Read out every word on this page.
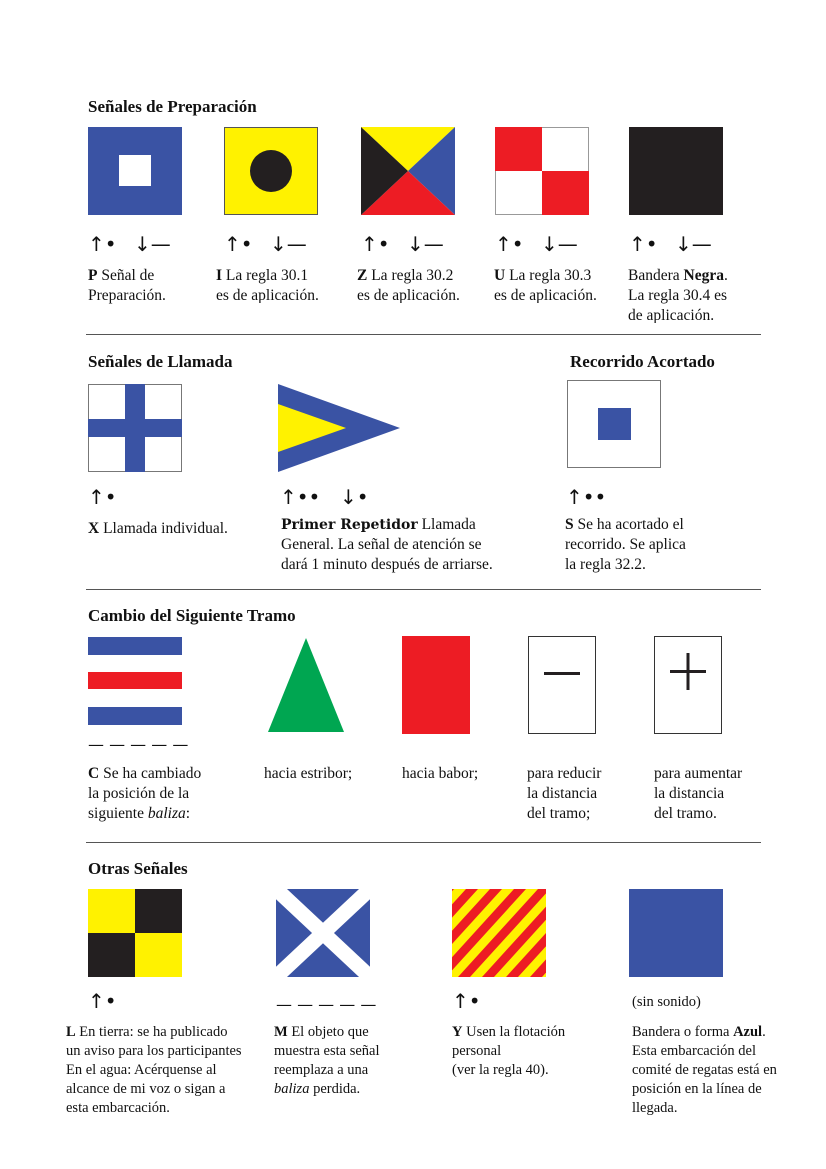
Señales de Preparación
↑• ↓—	↑• ↓—	↑• ↓—	↑• ↓—	↑• ↓—
P Señal de
Preparación.
I La regla 30.1
es de aplicación.
Z La regla 30.2
es de aplicación.
U La regla 30.3
es de aplicación.
Bandera Negra.
La regla 30.4 es
de aplicación.
Señales de Llamada	Recorrido Acortado
↑•	↑•• ↓•	↑••
X Llamada individual.	Primer Repetidor Llamada
General. La señal de atención se
dará 1 minuto después de arriarse.
S Se ha acortado el
recorrido. Se aplica
la regla 32.2.
Cambio del Siguiente Tramo
— — — — —
C Se ha cambiado
la posición de la
siguiente baliza:
hacia estribor;	hacia babor;	para reducir
la distancia
del tramo;
para aumentar
la distancia
del tramo.
Otras Señales
↑•	— — — — —	↑•	(sin sonido)
L En tierra: se ha publicado
un aviso para los participantes
En el agua: Acérquense al
alcance de mi voz o sigan a
esta embarcación.
M El objeto que
muestra esta señal
reemplaza a una
baliza perdida.
Y Usen la flotación
personal
(ver la regla 40).
Bandera o forma Azul.
Esta embarcación del
comité de regatas está en
posición en la línea de
llegada.
